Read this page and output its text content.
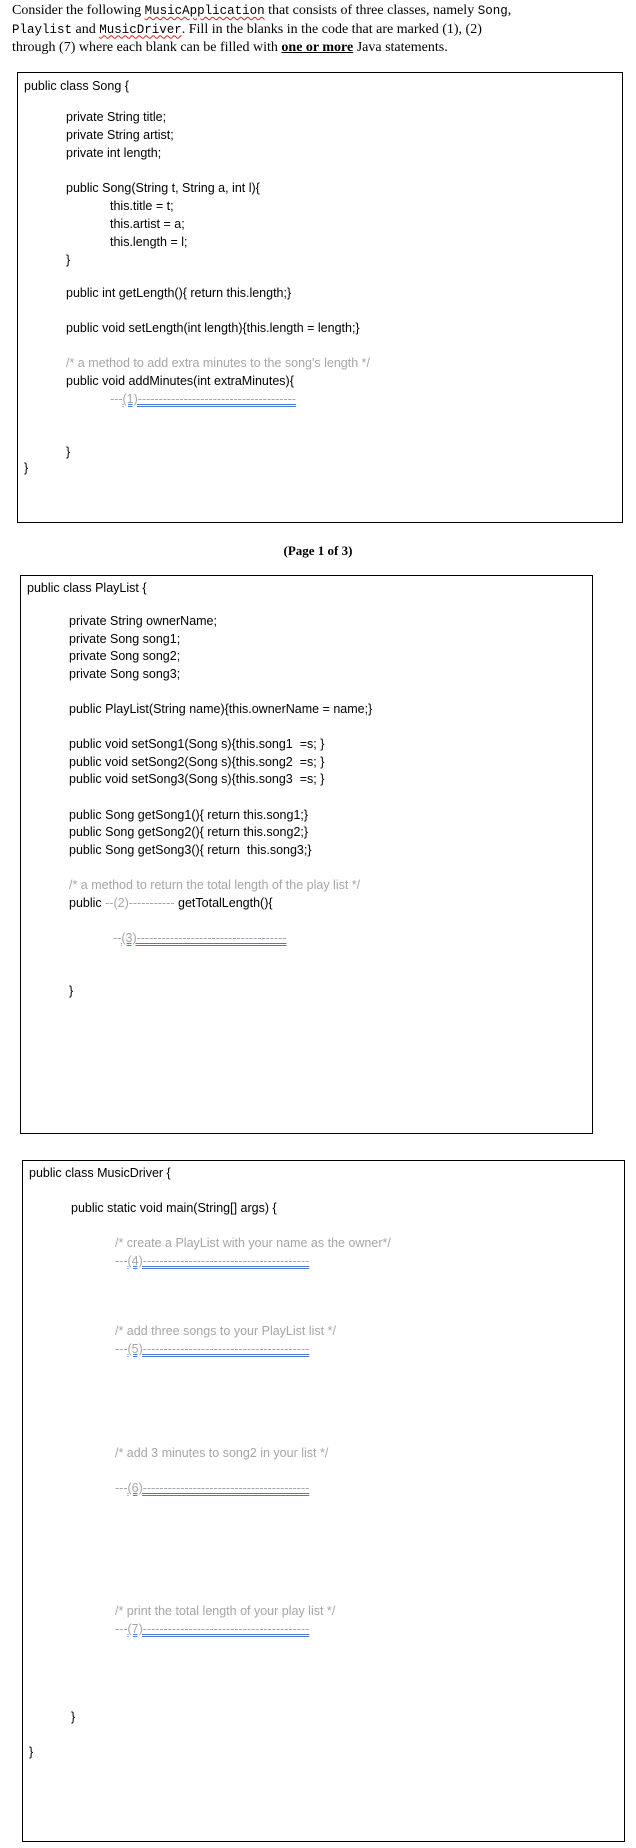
Consider the following MusicApplication that consists of three classes, namely Song,
Playlist and MusicDriver. Fill in the blanks in the code that are marked (1), (2)
through (7) where each blank can be filled with one or more Java statements.
public class Song {
private String title;
private String artist;
private int length;
public Song(String t, String a, int l){
this.title = t;
this.artist = a;
this.length = l;
}
public int getLength(){ return this.length;}
public void setLength(int length){this.length = length;}
/* a method to add extra minutes to the song's length */
public void addMinutes(int extraMinutes){
---(1)--------------------------------------
}
}
(Page 1 of 3)
public class PlayList {
private String ownerName;
private Song song1;
private Song song2;
private Song song3;
public PlayList(String name){this.ownerName = name;}
public void setSong1(Song s){this.song1  =s; }
public void setSong2(Song s){this.song2  =s; }
public void setSong3(Song s){this.song3  =s; }
public Song getSong1(){ return this.song1;}
public Song getSong2(){ return this.song2;}
public Song getSong3(){ return  this.song3;}
/* a method to return the total length of the play list */
public --(2)----------- getTotalLength(){
--(3)------------------------------------
}
public class MusicDriver {
public static void main(String[] args) {
/* create a PlayList with your name as the owner*/
---(4)----------------------------------------
/* add three songs to your PlayList list */
---(5)----------------------------------------
/* add 3 minutes to song2 in your list */
---(6)----------------------------------------
/* print the total length of your play list */
---(7)----------------------------------------
}
}
